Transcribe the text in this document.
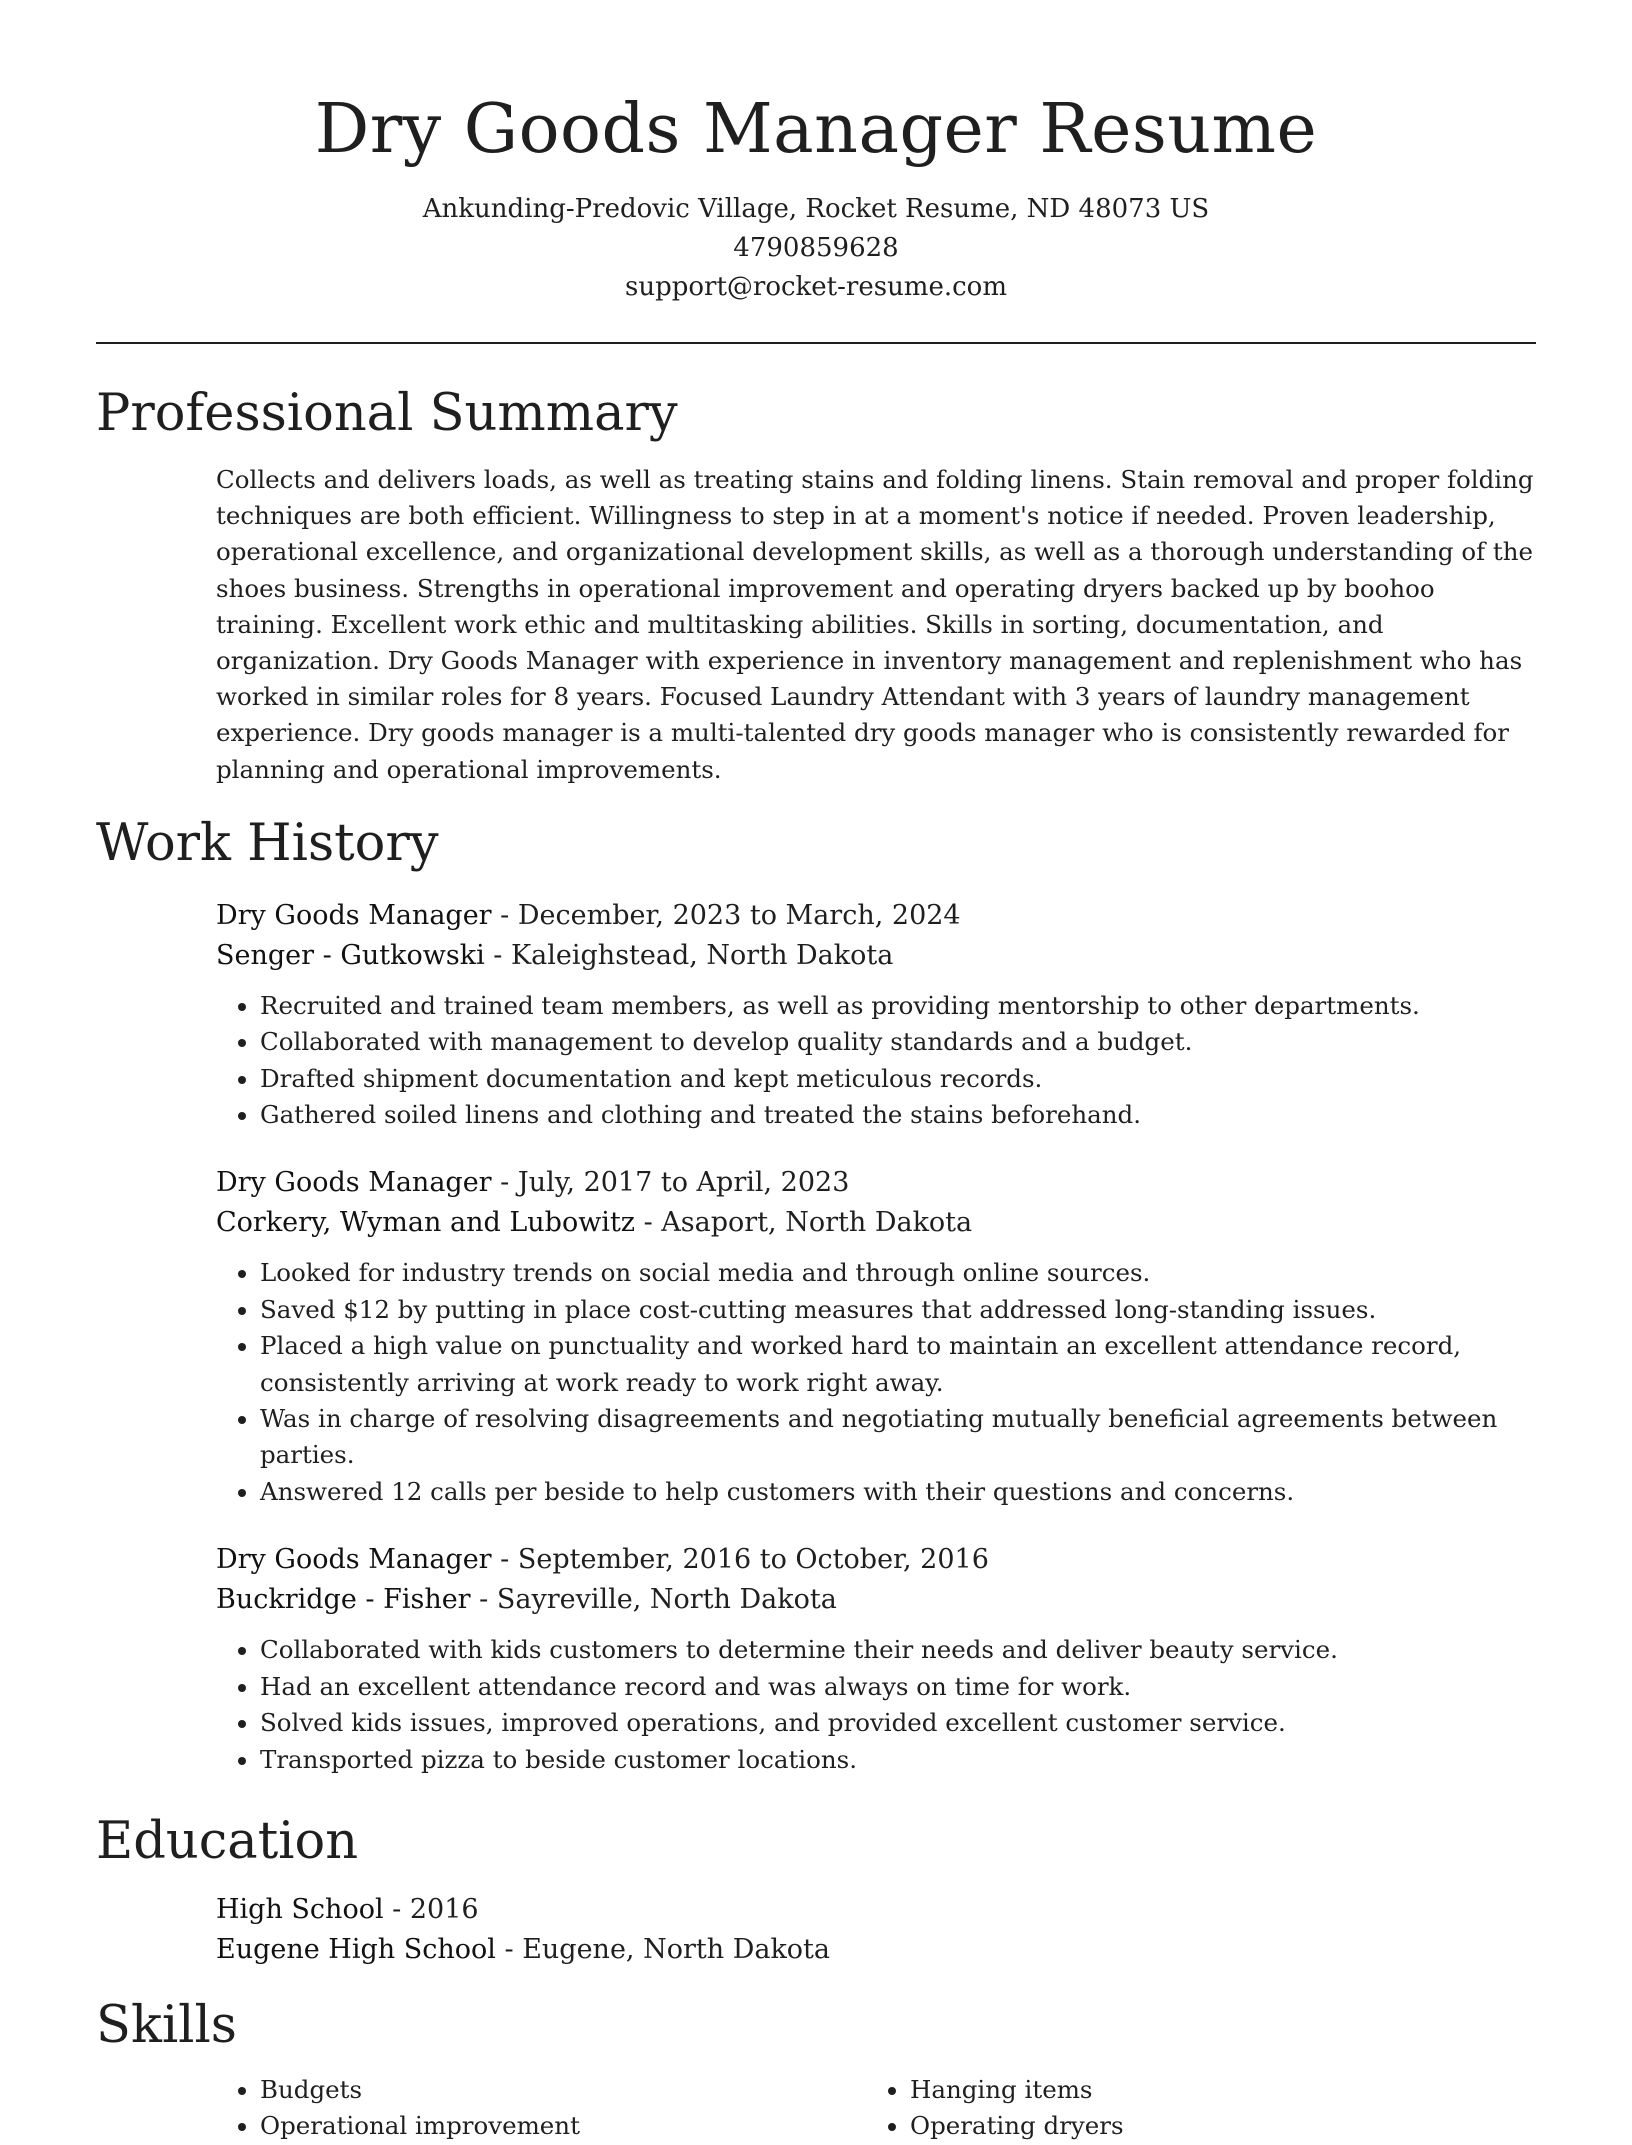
Dry Goods Manager Resume

Ankunding-Predovic Village, Rocket Resume, ND 48073 US

4790859628

support@rocket-resume.com

Professional Summary

Collects and delivers loads, as well as treating stains and folding linens. Stain removal and proper folding techniques are both efficient. Willingness to step in at a moment's notice if needed. Proven leadership, operational excellence, and organizational development skills, as well as a thorough understanding of the shoes business. Strengths in operational improvement and operating dryers backed up by boohoo training. Excellent work ethic and multitasking abilities. Skills in sorting, documentation, and organization. Dry Goods Manager with experience in inventory management and replenishment who has worked in similar roles for 8 years. Focused Laundry Attendant with 3 years of laundry management experience. Dry goods manager is a multi-talented dry goods manager who is consistently rewarded for planning and operational improvements.

Work History

Dry Goods Manager - December, 2023 to March, 2024

Senger - Gutkowski - Kaleighstead, North Dakota

• Recruited and trained team members, as well as providing mentorship to other departments.
• Collaborated with management to develop quality standards and a budget.
• Drafted shipment documentation and kept meticulous records.
• Gathered soiled linens and clothing and treated the stains beforehand.

Dry Goods Manager - July, 2017 to April, 2023

Corkery, Wyman and Lubowitz - Asaport, North Dakota

• Looked for industry trends on social media and through online sources.
• Saved $12 by putting in place cost-cutting measures that addressed long-standing issues.
• Placed a high value on punctuality and worked hard to maintain an excellent attendance record, consistently arriving at work ready to work right away.
• Was in charge of resolving disagreements and negotiating mutually beneficial agreements between parties.
• Answered 12 calls per beside to help customers with their questions and concerns.

Dry Goods Manager - September, 2016 to October, 2016

Buckridge - Fisher - Sayreville, North Dakota

• Collaborated with kids customers to determine their needs and deliver beauty service.
• Had an excellent attendance record and was always on time for work.
• Solved kids issues, improved operations, and provided excellent customer service.
• Transported pizza to beside customer locations.
Education

High School - 2016

Eugene High School - Eugene, North Dakota

Skills
• Budgets
• Operational improvement
• Hanging items
• Operating dryers
